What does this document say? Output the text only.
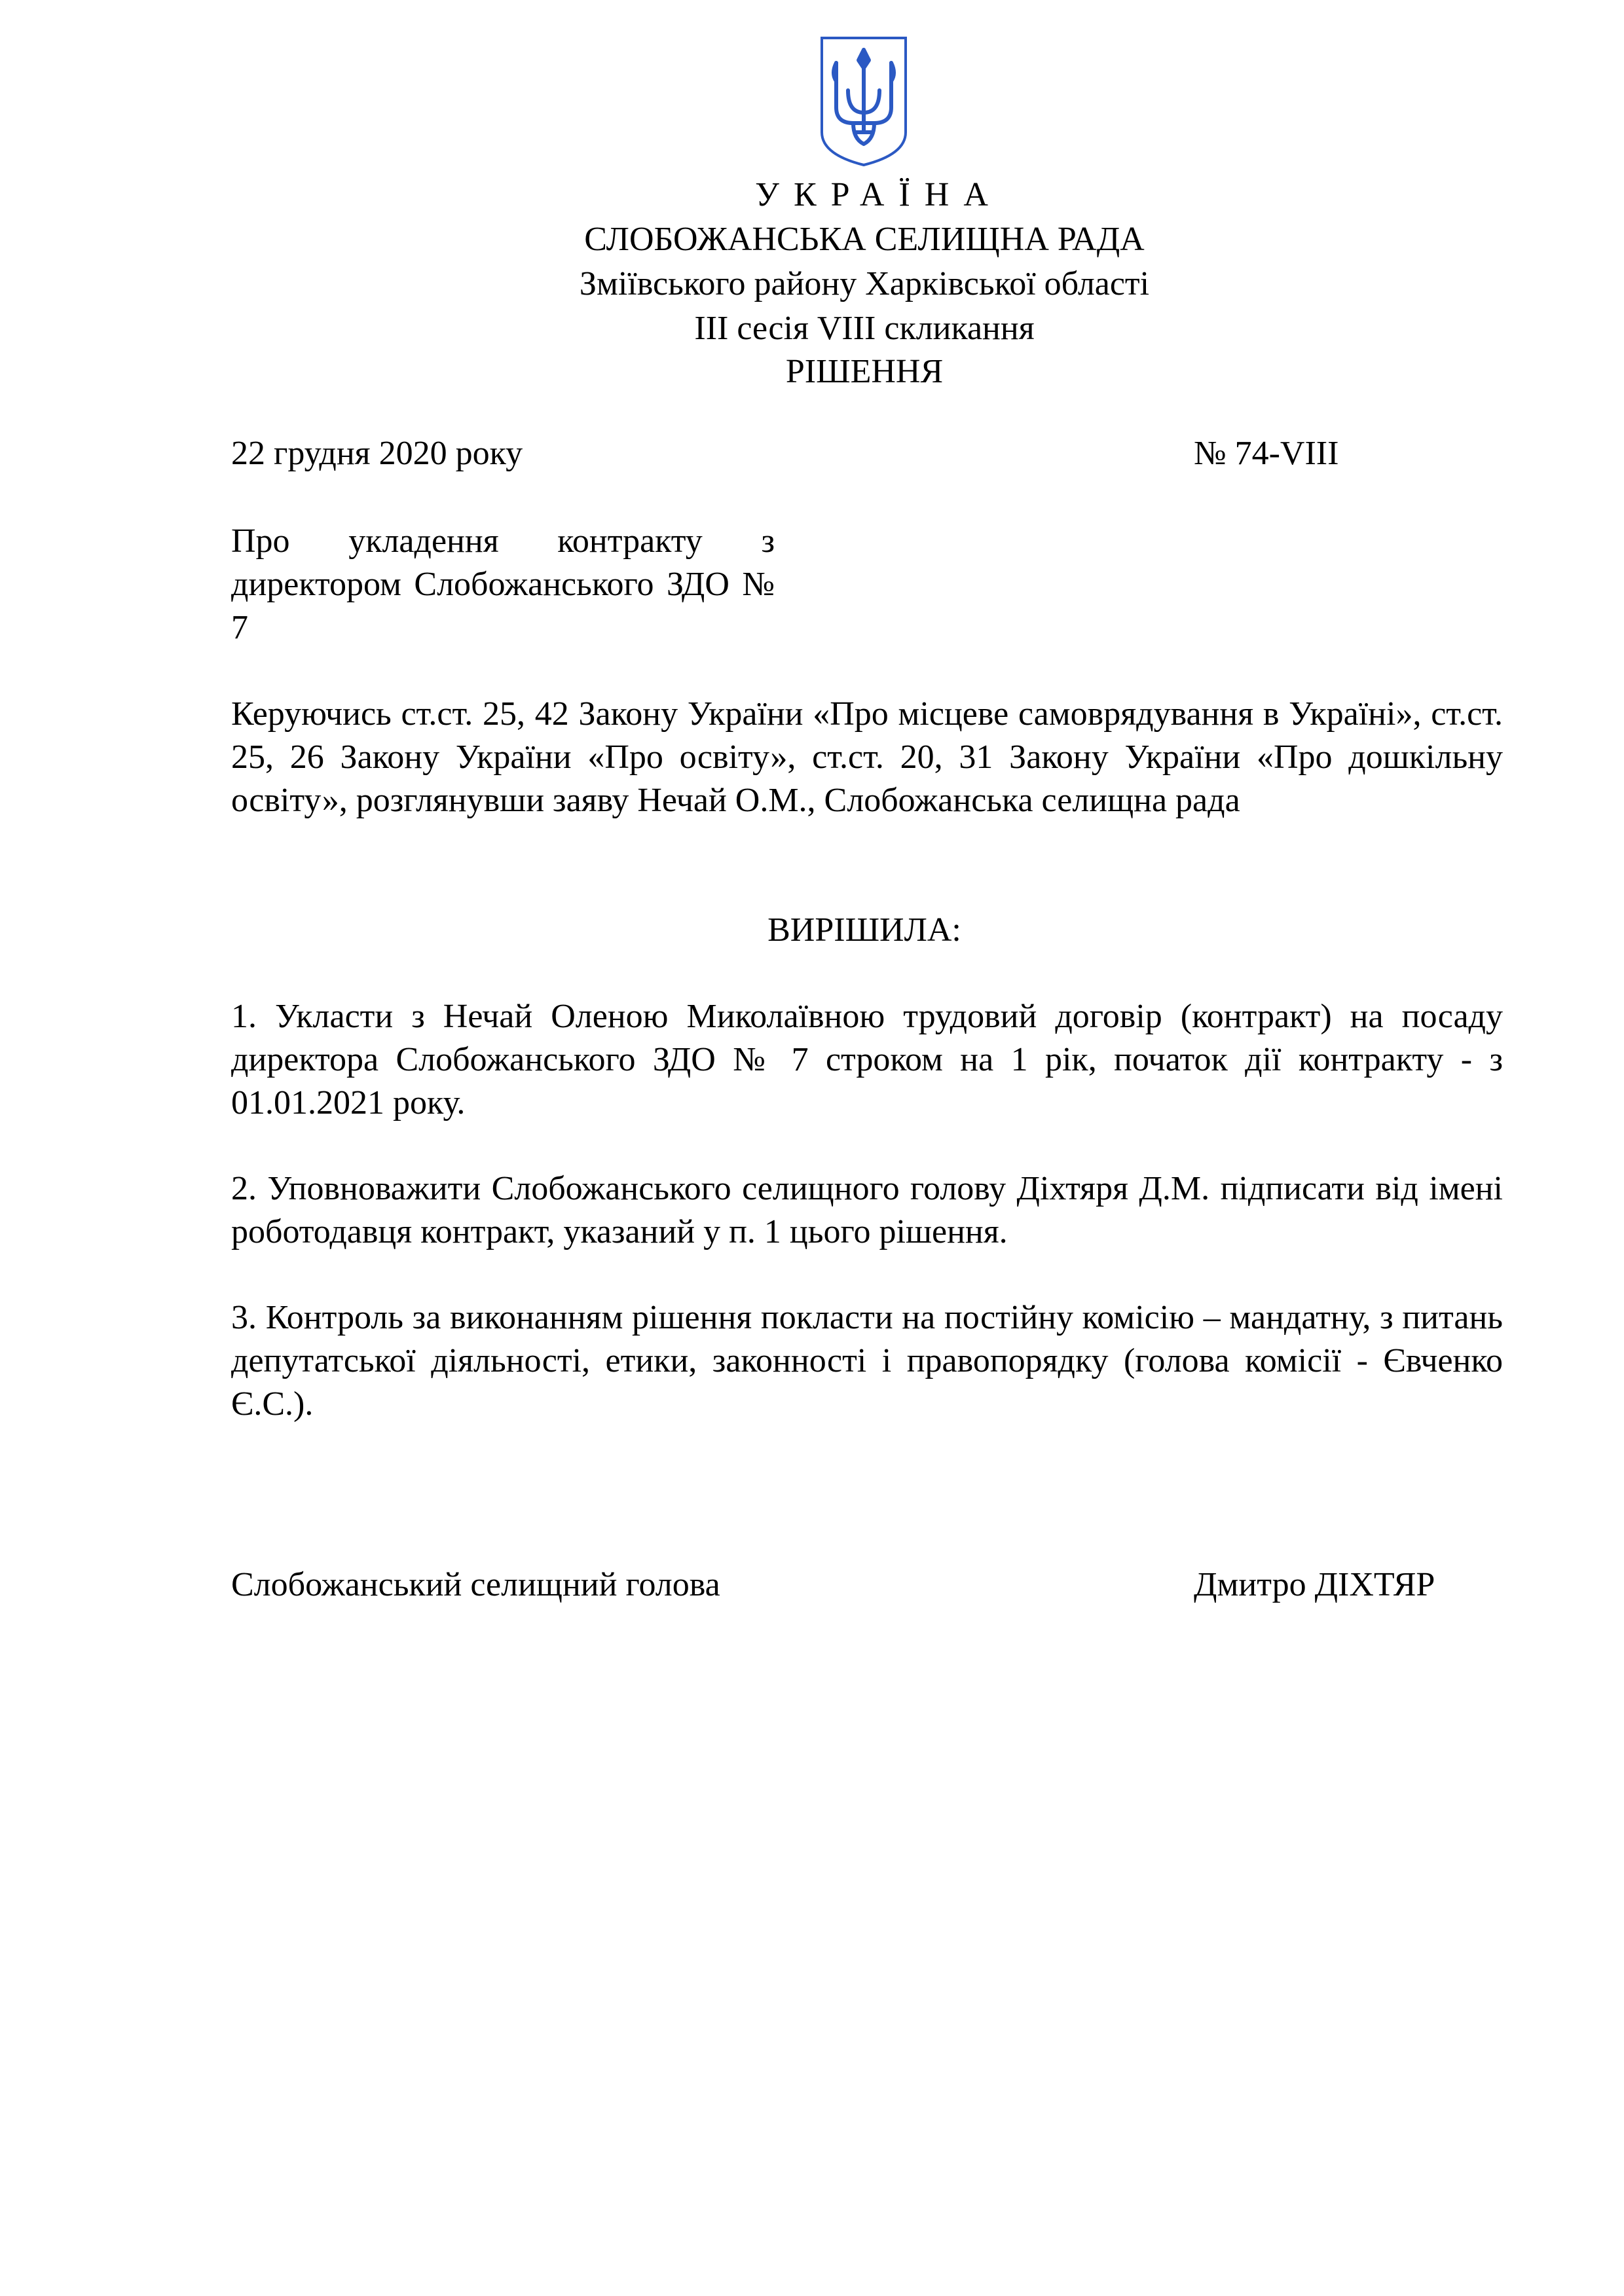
УКРАЇНА
СЛОБОЖАНСЬКА СЕЛИЩНА РАДА
Зміївського району Харківської області
ІІІ сесія VIII скликання
РІШЕННЯ
22 грудня 2020 року	№ 74-VIII
Про укладення контракту з директором Слобожанського ЗДО № 7
Керуючись ст.ст. 25, 42 Закону України «Про місцеве самоврядування в Україні», ст.ст. 25, 26 Закону України «Про освіту», ст.ст. 20, 31 Закону України «Про дошкільну освіту», розглянувши заяву Нечай О.М., Слобожанська селищна рада
ВИРІШИЛА:
1. Укласти з Нечай Оленою Миколаївною трудовий договір (контракт) на посаду директора Слобожанського ЗДО № 7 строком на 1 рік, початок дії контракту - з 01.01.2021 року.
2. Уповноважити Слобожанського селищного голову Діхтяря Д.М. підписати від імені роботодавця контракт, указаний у п. 1 цього рішення.
3. Контроль за виконанням рішення покласти на постійну комісію – мандатну, з питань депутатської діяльності, етики, законності і правопорядку (голова комісії - Євченко Є.С.).
Слобожанський селищний голова	Дмитро ДІХТЯР
